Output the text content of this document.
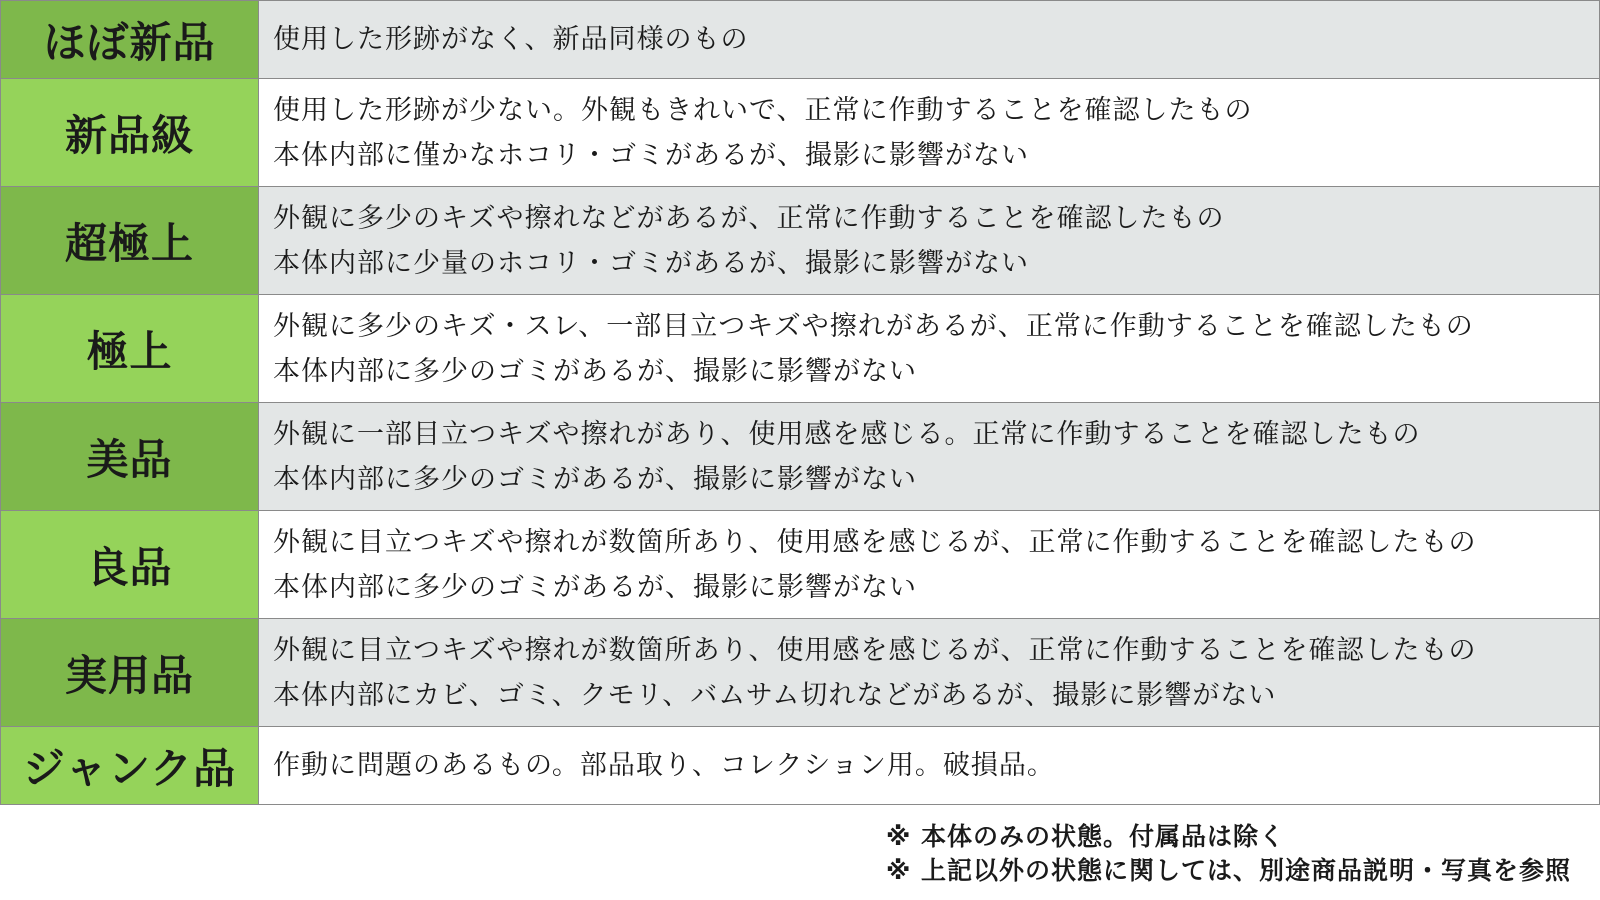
ほぼ新品	使用した形跡がなく、新品同様のもの

新品級	使用した形跡が少ない。外観もきれいで、正常に作動することを確認したもの
本体内部に僅かなホコリ・ゴミがあるが、撮影に影響がない

超極上	外観に多少のキズや擦れなどがあるが、正常に作動することを確認したもの
本体内部に少量のホコリ・ゴミがあるが、撮影に影響がない

極上	外観に多少のキズ・スレ、一部目立つキズや擦れがあるが、正常に作動することを確認したもの
本体内部に多少のゴミがあるが、撮影に影響がない

美品	外観に一部目立つキズや擦れがあり、使用感を感じる。正常に作動することを確認したもの
本体内部に多少のゴミがあるが、撮影に影響がない

良品	外観に目立つキズや擦れが数箇所あり、使用感を感じるが、正常に作動することを確認したもの
本体内部に多少のゴミがあるが、撮影に影響がない

実用品	外観に目立つキズや擦れが数箇所あり、使用感を感じるが、正常に作動することを確認したもの
本体内部にカビ、ゴミ、クモリ、バムサム切れなどがあるが、撮影に影響がない

ジャンク品	作動に問題のあるもの。部品取り、コレクション用。破損品。
※ 本体のみの状態。付属品は除く
※ 上記以外の状態に関しては、別途商品説明・写真を参照
